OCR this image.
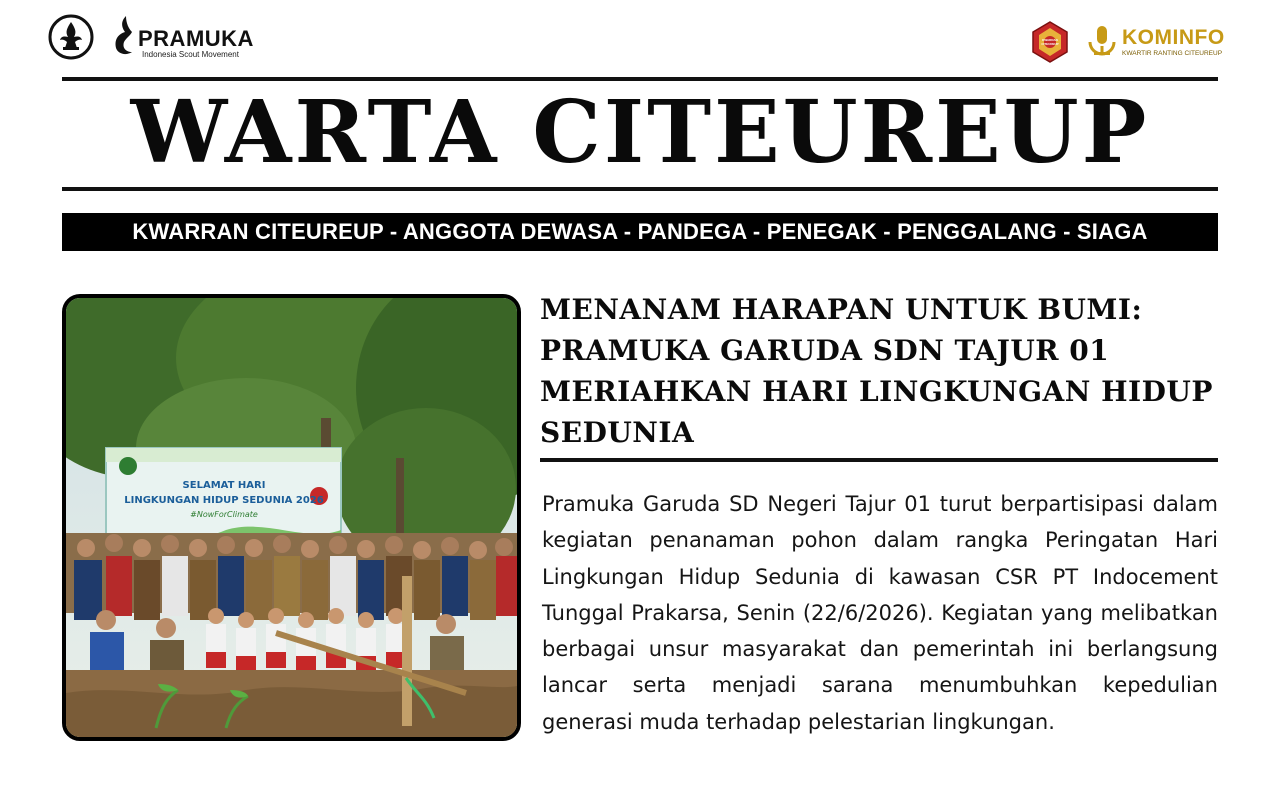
PRAMUKA
Indonesia Scout Movement
KWARRAN CITEUREUP	KOMINFO
KWARTIR RANTING CITEUREUP
WARTA CITEUREUP
KWARRAN CITEUREUP - ANGGOTA DEWASA - PANDEGA - PENEGAK - PENGGALANG - SIAGA
SELAMAT HARI
LINGKUNGAN HIDUP SEDUNIA 2026
#NowForClimate
MENANAM HARAPAN UNTUK BUMI: PRAMUKA GARUDA SDN TAJUR 01 MERIAHKAN HARI LINGKUNGAN HIDUP SEDUNIA
Pramuka Garuda SD Negeri Tajur 01 turut berpartisipasi dalam kegiatan penanaman pohon dalam rangka Peringatan Hari Lingkungan Hidup Sedunia di kawasan CSR PT Indocement Tunggal Prakarsa, Senin (22/6/2026). Kegiatan yang melibatkan berbagai unsur masyarakat dan pemerintah ini berlangsung lancar serta menjadi sarana menumbuhkan kepedulian generasi muda terhadap pelestarian lingkungan.
